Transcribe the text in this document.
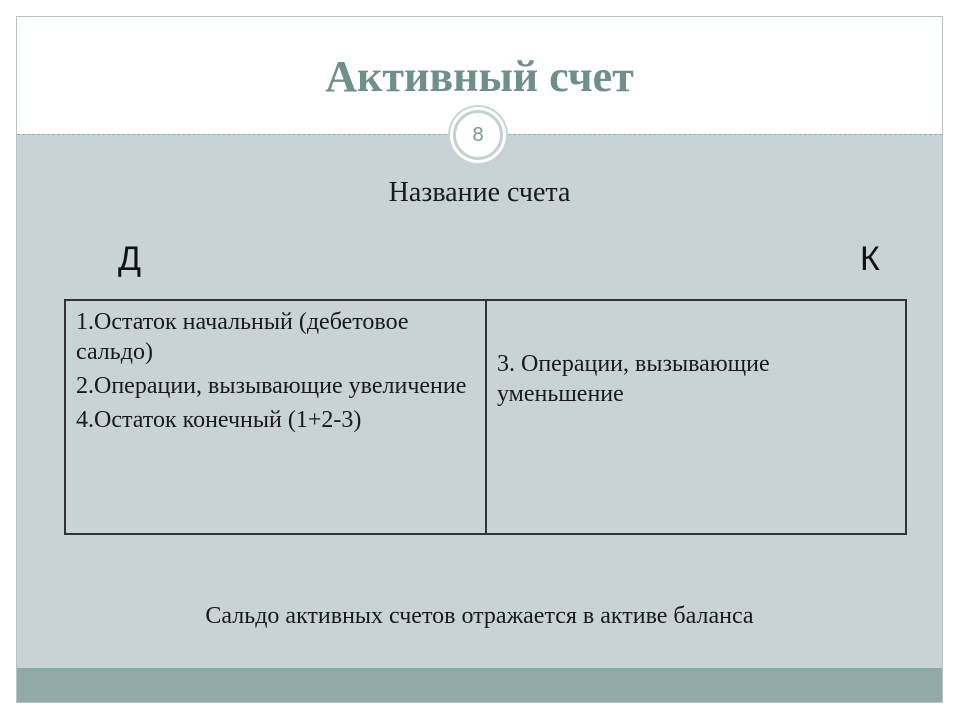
Активный счет
8
Название счета
Д	К

1.Остаток начальный (дебетовое сальдо)

2.Операции, вызывающие увеличение

4.Остаток конечный (1+2-3)

3. Операции, вызывающие уменьшение

Сальдо активных счетов отражается в активе баланса
